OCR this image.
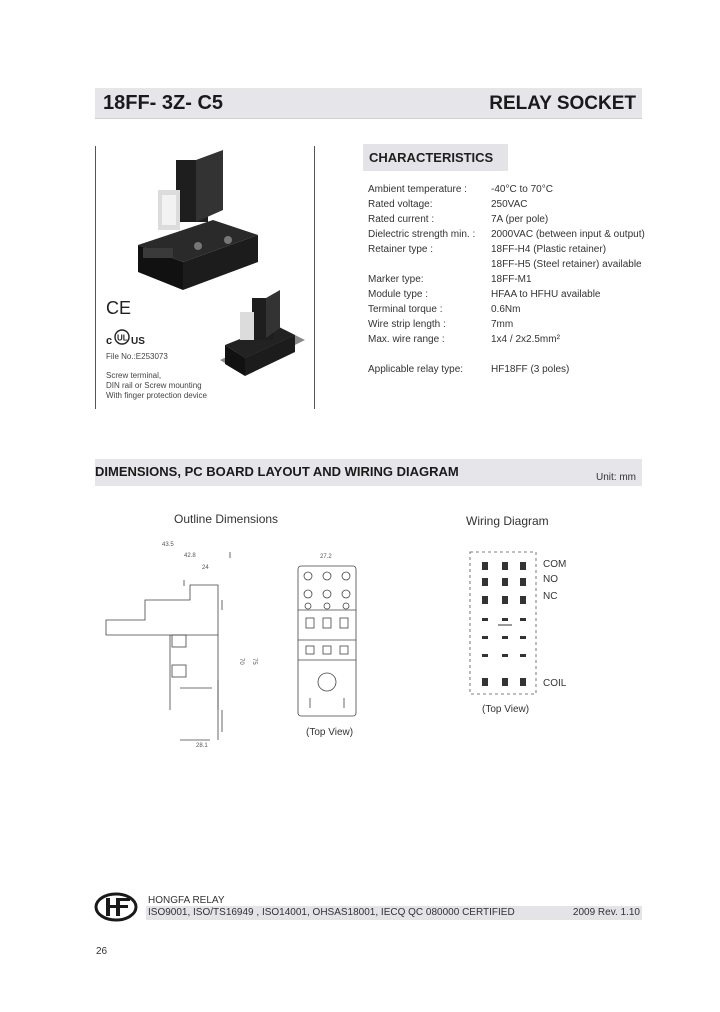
18FF- 3Z- C5	RELAY SOCKET
CE
c UL US
File No.:E253073
Screw terminal,
DIN rail or Screw mounting
With finger protection device
CHARACTERISTICS
Ambient temperature : -40°C to 70°C
Rated voltage:	250VAC
Rated current :	7A (per pole)
Dielectric strength min. : 2000VAC (between input & output)
Retainer type :	18FF-H4 (Plastic retainer)
18FF-H5 (Steel retainer) available
Marker type:	18FF-M1
Module type :	HFAA to HFHU available
Terminal torque :	0.6Nm
Wire strip length :	7mm
Max. wire range :	1x4 / 2x2.5mm²
Applicable relay type:	HF18FF (3 poles)
DIMENSIONS, PC BOARD LAYOUT AND WIRING DIAGRAM	Unit: mm
Outline Dimensions	Wiring Diagram
43.5
42.8
24
28.1
70 75
27.2
(Top View)
COM
NO
NC
COIL
(Top View)
HONGFA RELAY
ISO9001, ISO/TS16949 , ISO14001, OHSAS18001, IECQ QC 080000 CERTIFIED	2009 Rev. 1.10
26
